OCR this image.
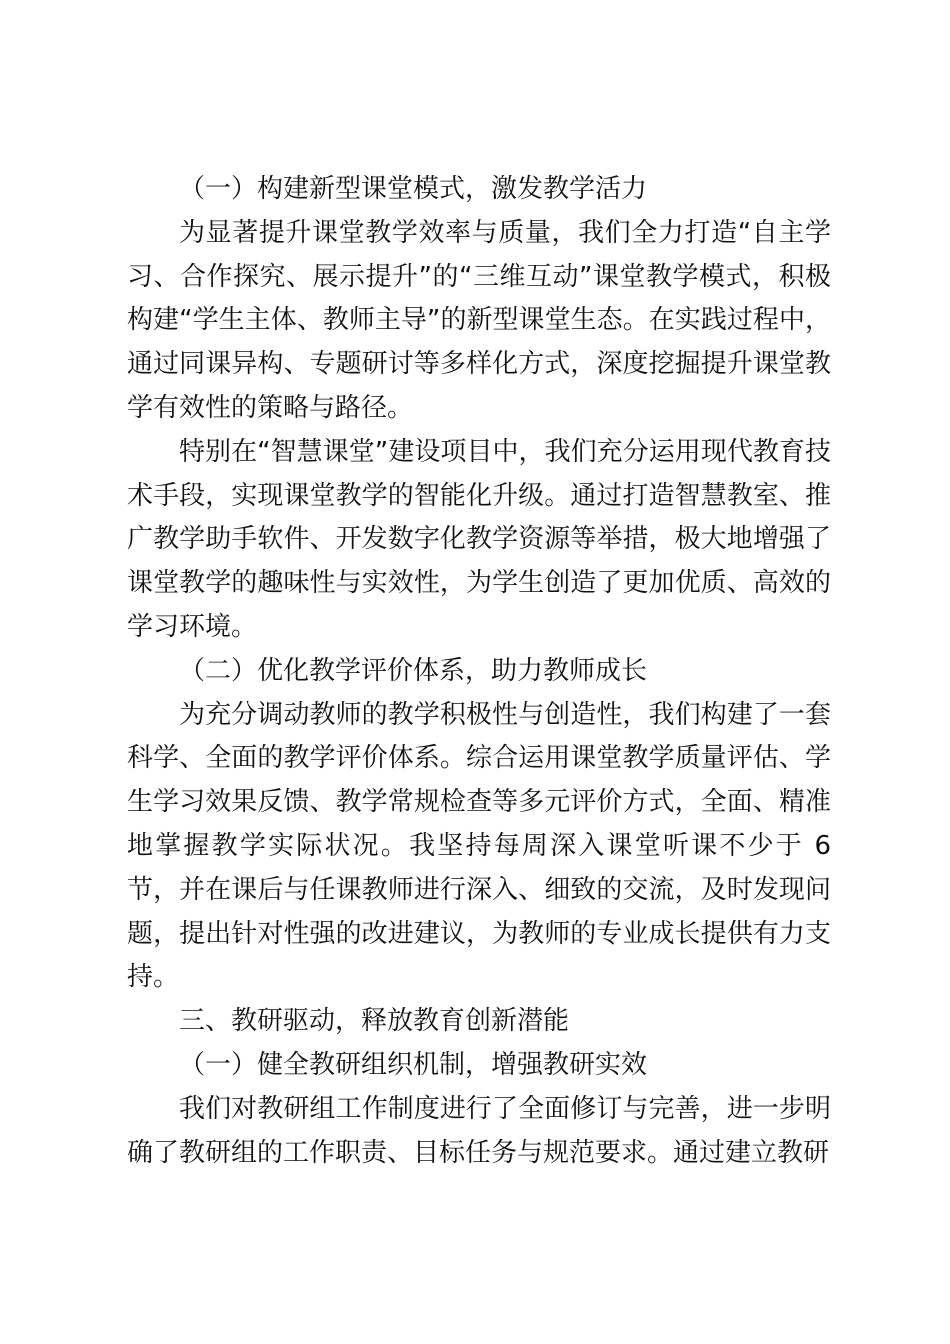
（一）构建新型课堂模式，激发教学活力

为显著提升课堂教学效率与质量，我们全力打造“自主学习、合作探究、展示提升”的“三维互动”课堂教学模式，积极构建“学生主体、教师主导”的新型课堂生态。在实践过程中，通过同课异构、专题研讨等多样化方式，深度挖掘提升课堂教学有效性的策略与路径。

特别在“智慧课堂”建设项目中，我们充分运用现代教育技术手段，实现课堂教学的智能化升级。通过打造智慧教室、推广教学助手软件、开发数字化教学资源等举措，极大地增强了课堂教学的趣味性与实效性，为学生创造了更加优质、高效的学习环境。

（二）优化教学评价体系，助力教师成长

为充分调动教师的教学积极性与创造性，我们构建了一套科学、全面的教学评价体系。综合运用课堂教学质量评估、学生学习效果反馈、教学常规检查等多元评价方式，全面、精准地掌握教学实际状况。我坚持每周深入课堂听课不少于 6 节，并在课后与任课教师进行深入、细致的交流，及时发现问题，提出针对性强的改进建议，为教师的专业成长提供有力支持。

三、教研驱动，释放教育创新潜能

（一）健全教研组织机制，增强教研实效

我们对教研组工作制度进行了全面修订与完善，进一步明确了教研组的工作职责、目标任务与规范要求。通过建立教研
